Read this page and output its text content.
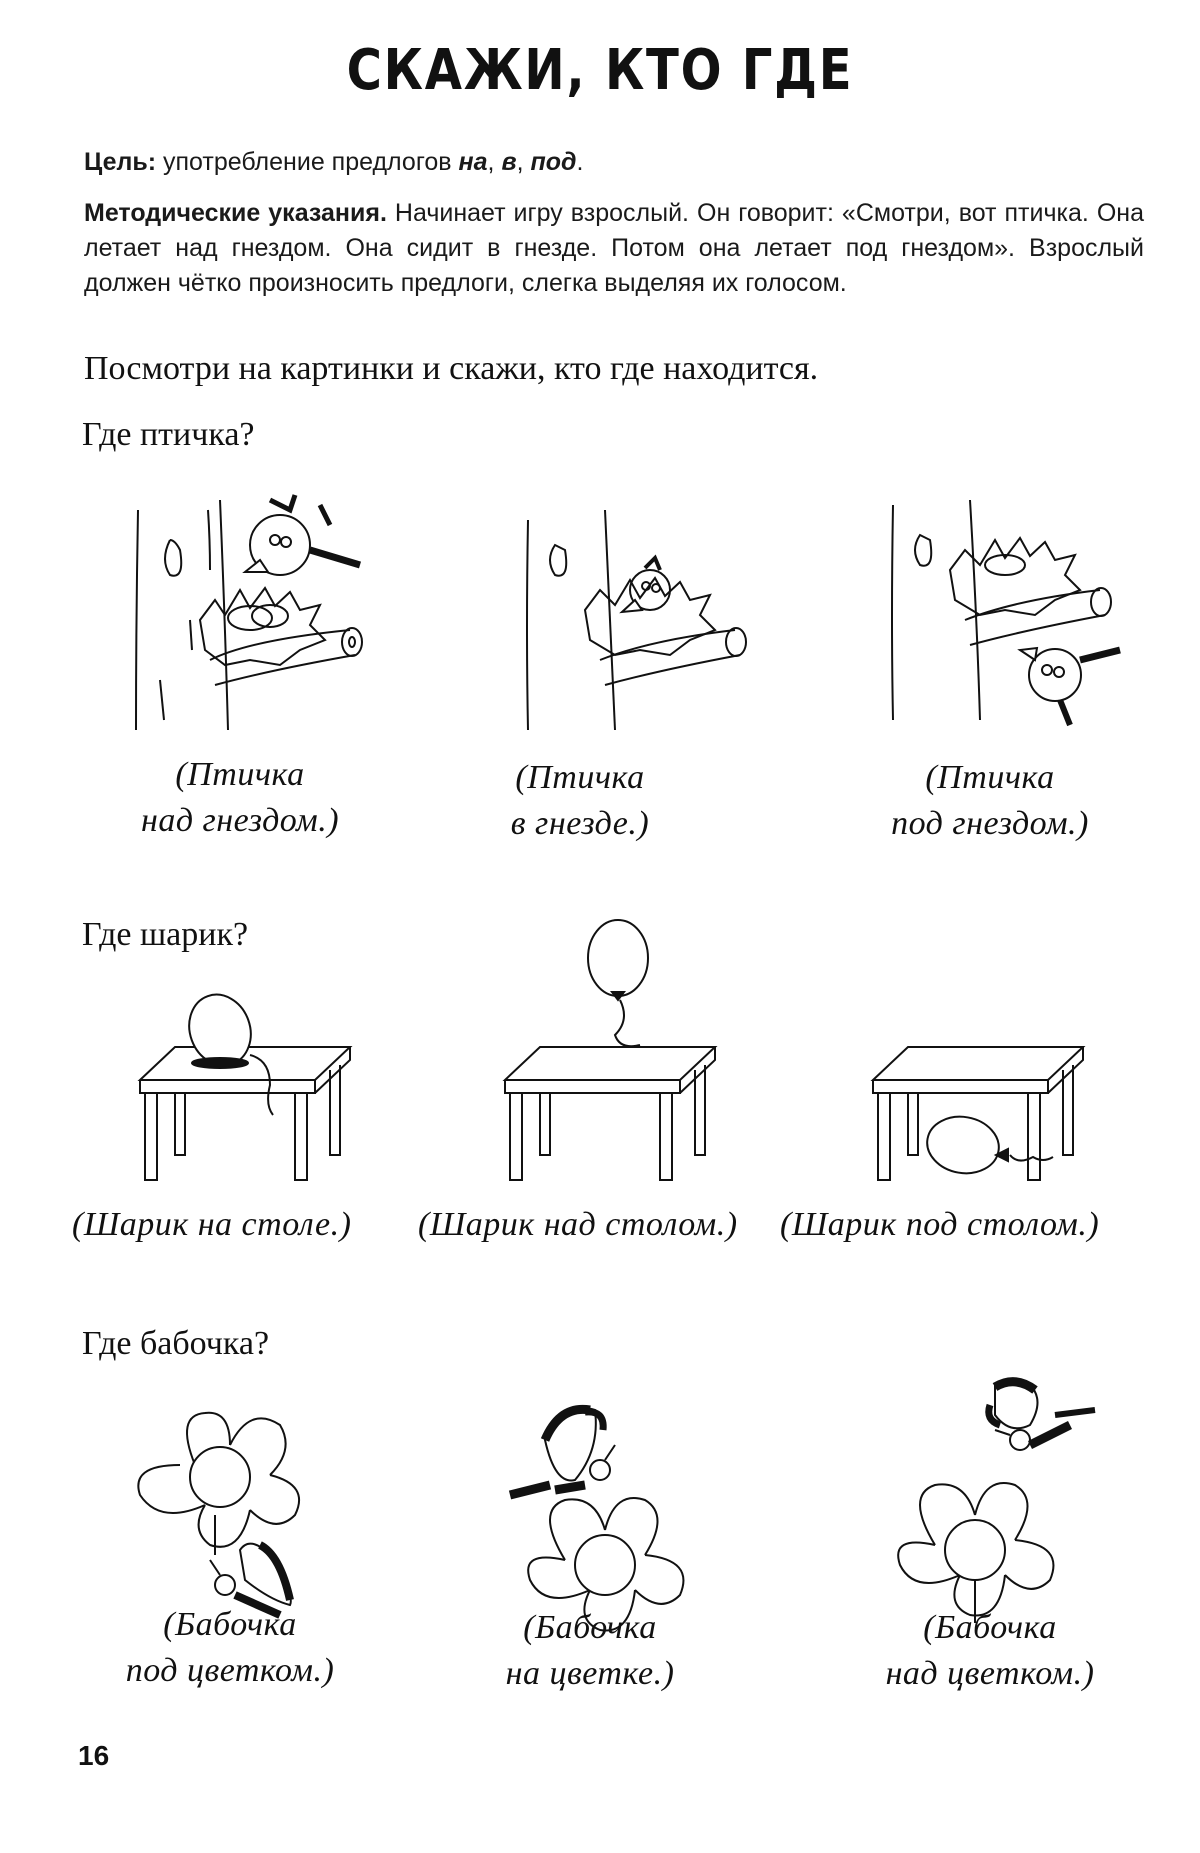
СКАЖИ, КТО ГДЕ
Цель: употребление предлогов на, в, под.
Методические указания. Начинает игру взрослый. Он говорит: «Смотри, вот птичка. Она летает над гнездом. Она сидит в гнезде. Потом она летает под гнездом». Взрослый должен чётко произносить предлоги, слегка выделяя их голосом.
Посмотри на картинки и скажи, кто где находится.
Где птичка?
(Птичка
над гнездом.)
(Птичка
в гнезде.)
(Птичка
под гнездом.)
Где шарик?
(Шарик на столе.)	(Шарик над столом.)	(Шарик под столом.)
Где бабочка?
(Бабочка
под цветком.)
(Бабочка
на цветке.)
(Бабочка
над цветком.)
16
